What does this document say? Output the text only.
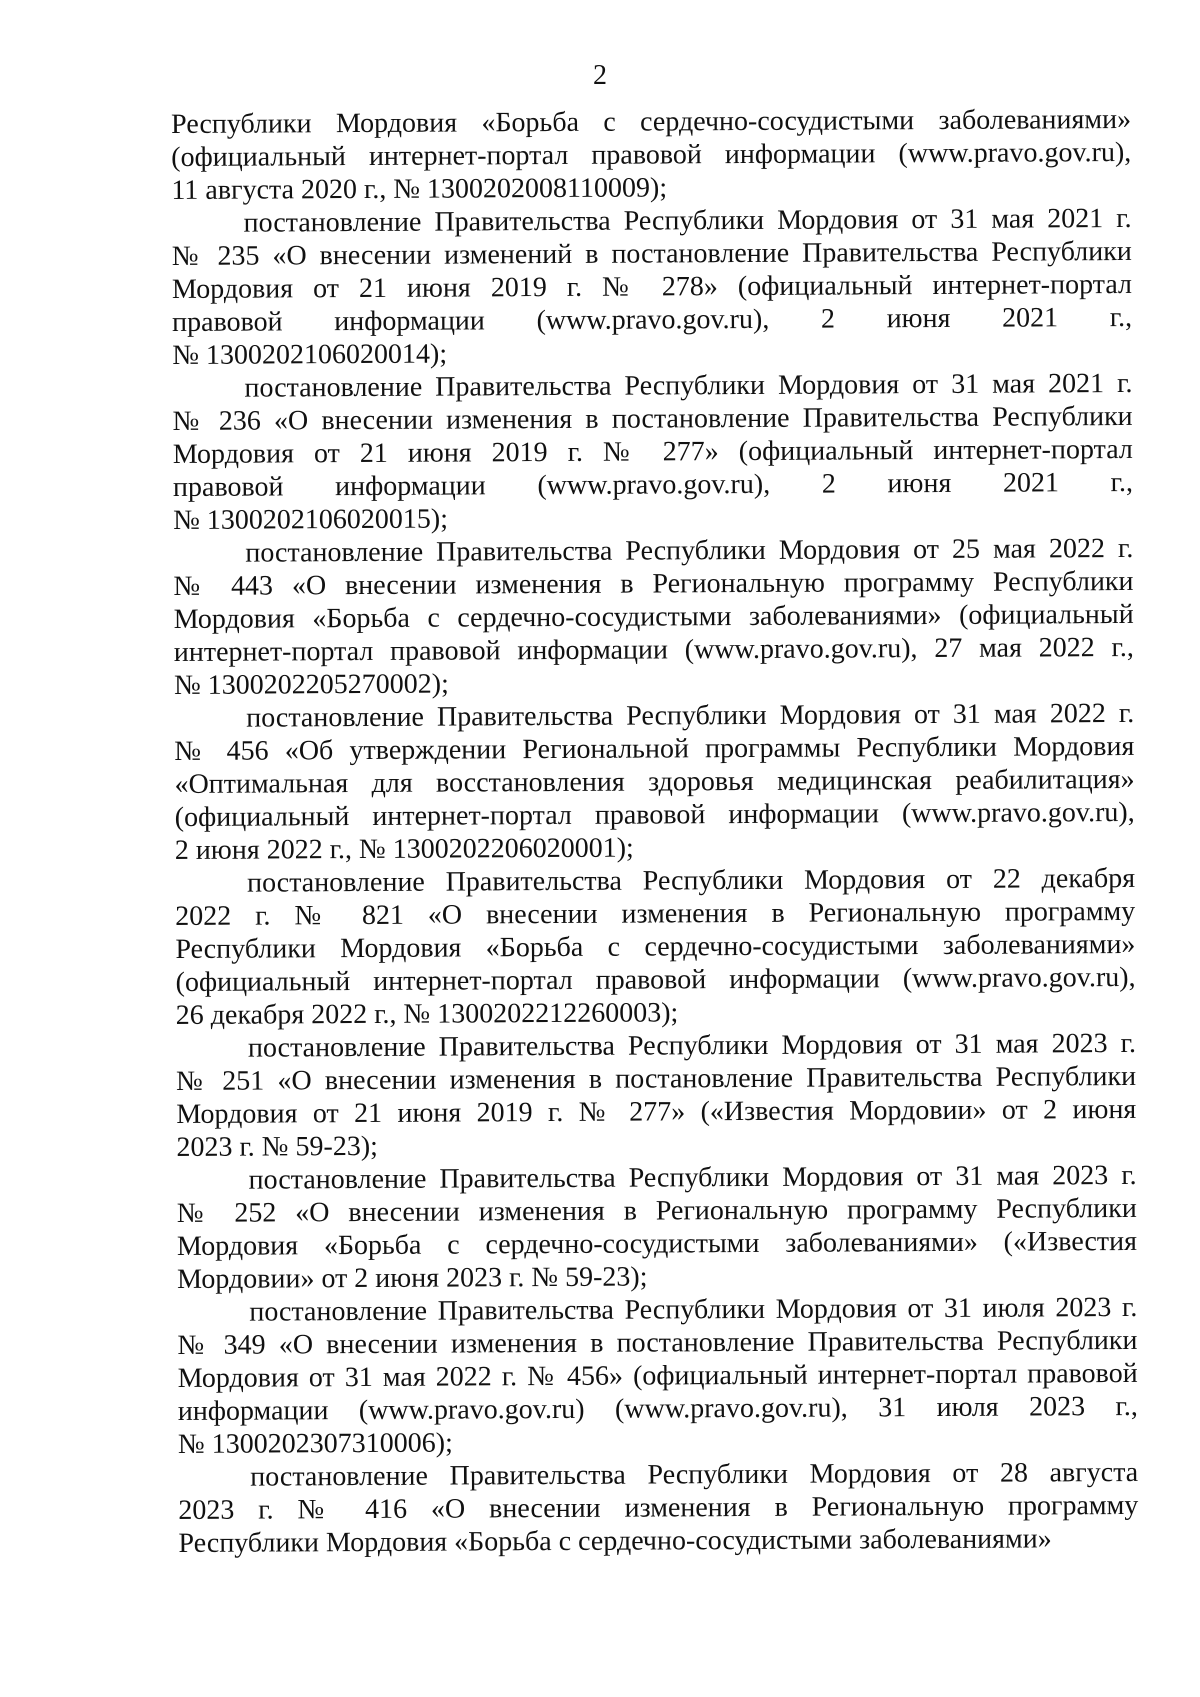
2
Республики Мордовия «Борьба с сердечно-сосудистыми заболеваниями»
(официальный интернет-портал правовой информации (www.pravo.gov.ru),
11 августа 2020 г., № 1300202008110009);
постановление Правительства Республики Мордовия от 31 мая 2021 г.
№ 235 «О внесении изменений в постановление Правительства Республики
Мордовия от 21 июня 2019 г. № 278» (официальный интернет-портал
правовой информации (www.pravo.gov.ru), 2 июня 2021 г.,
№ 1300202106020014);
постановление Правительства Республики Мордовия от 31 мая 2021 г.
№ 236 «О внесении изменения в постановление Правительства Республики
Мордовия от 21 июня 2019 г. № 277» (официальный интернет-портал
правовой информации (www.pravo.gov.ru), 2 июня 2021 г.,
№ 1300202106020015);
постановление Правительства Республики Мордовия от 25 мая 2022 г.
№ 443 «О внесении изменения в Региональную программу Республики
Мордовия «Борьба с сердечно-сосудистыми заболеваниями» (официальный
интернет-портал правовой информации (www.pravo.gov.ru), 27 мая 2022 г.,
№ 1300202205270002);
постановление Правительства Республики Мордовия от 31 мая 2022 г.
№ 456 «Об утверждении Региональной программы Республики Мордовия
«Оптимальная для восстановления здоровья медицинская реабилитация»
(официальный интернет-портал правовой информации (www.pravo.gov.ru),
2 июня 2022 г., № 1300202206020001);
постановление Правительства Республики Мордовия от 22 декабря
2022 г. № 821 «О внесении изменения в Региональную программу
Республики Мордовия «Борьба с сердечно-сосудистыми заболеваниями»
(официальный интернет-портал правовой информации (www.pravo.gov.ru),
26 декабря 2022 г., № 1300202212260003);
постановление Правительства Республики Мордовия от 31 мая 2023 г.
№ 251 «О внесении изменения в постановление Правительства Республики
Мордовия от 21 июня 2019 г. № 277» («Известия Мордовии» от 2 июня
2023 г. № 59-23);
постановление Правительства Республики Мордовия от 31 мая 2023 г.
№ 252 «О внесении изменения в Региональную программу Республики
Мордовия «Борьба с сердечно-сосудистыми заболеваниями» («Известия
Мордовии» от 2 июня 2023 г. № 59-23);
постановление Правительства Республики Мордовия от 31 июля 2023 г.
№ 349 «О внесении изменения в постановление Правительства Республики
Мордовия от 31 мая 2022 г. № 456» (официальный интернет-портал правовой
информации (www.pravo.gov.ru) (www.pravo.gov.ru), 31 июля 2023 г.,
№ 1300202307310006);
постановление Правительства Республики Мордовия от 28 августа
2023 г. № 416 «О внесении изменения в Региональную программу
Республики Мордовия «Борьба с сердечно-сосудистыми заболеваниями»
